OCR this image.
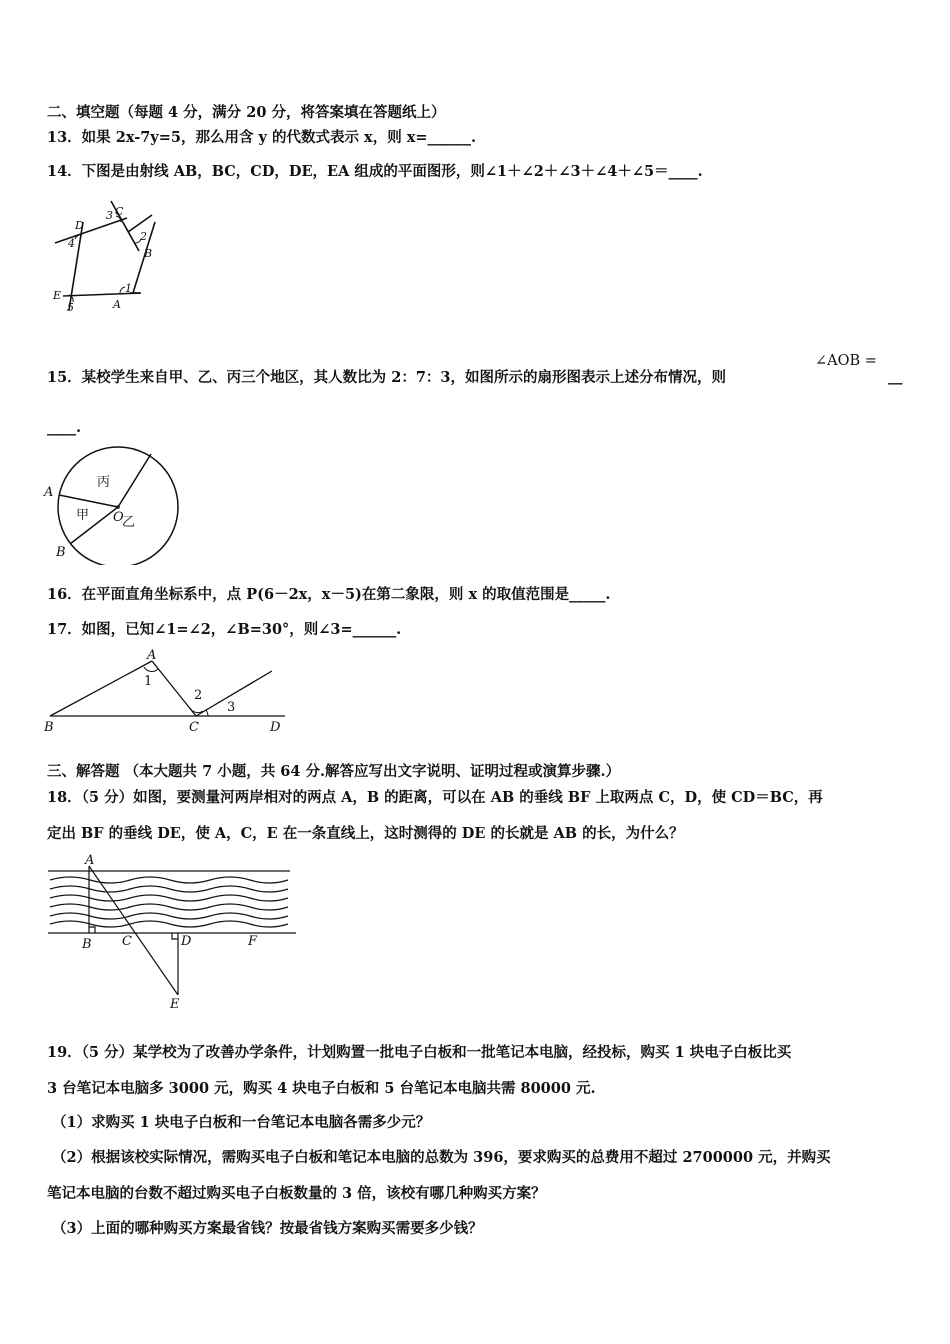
二、填空题（每题 4 分，满分 20 分，将答案填在答题纸上）
13．如果 2x-7y=5，那么用含 y 的代数式表示 x，则 x=______.
14．下图是由射线 AB，BC，CD，DE，EA 组成的平面图形，则∠1＋∠2＋∠3＋∠4＋∠5＝____.
D
3 C
2
B
4
E
5	A
1
15．某校学生来自甲、乙、丙三个地区，其人数比为 2：7：3，如图所示的扇形图表示上述分布情况，则
∠AOB =
__
____.
A
丙
甲 O
乙
B
16．在平面直角坐标系中，点 P(6－2x，x－5)在第二象限，则 x 的取值范围是_____.
17．如图，已知∠1=∠2，∠B=30°，则∠3=______.
A
1
2
3
B	C	D
三、解答题 （本大题共 7 小题，共 64 分.解答应写出文字说明、证明过程或演算步骤.）
18．（5 分）如图，要测量河两岸相对的两点 A，B 的距离，可以在 AB 的垂线 BF 上取两点 C，D，使 CD＝BC，再
定出 BF 的垂线 DE，使 A，C，E 在一条直线上，这时测得的 DE 的长就是 AB 的长，为什么？
A
B C	D	F
E
19．（5 分）某学校为了改善办学条件，计划购置一批电子白板和一批笔记本电脑，经投标，购买 1 块电子白板比买
3 台笔记本电脑多 3000 元，购买 4 块电子白板和 5 台笔记本电脑共需 80000 元.
（1）求购买 1 块电子白板和一台笔记本电脑各需多少元？
（2）根据该校实际情况，需购买电子白板和笔记本电脑的总数为 396，要求购买的总费用不超过 2700000 元，并购买
笔记本电脑的台数不超过购买电子白板数量的 3 倍，该校有哪几种购买方案？
（3）上面的哪种购买方案最省钱？按最省钱方案购买需要多少钱？
